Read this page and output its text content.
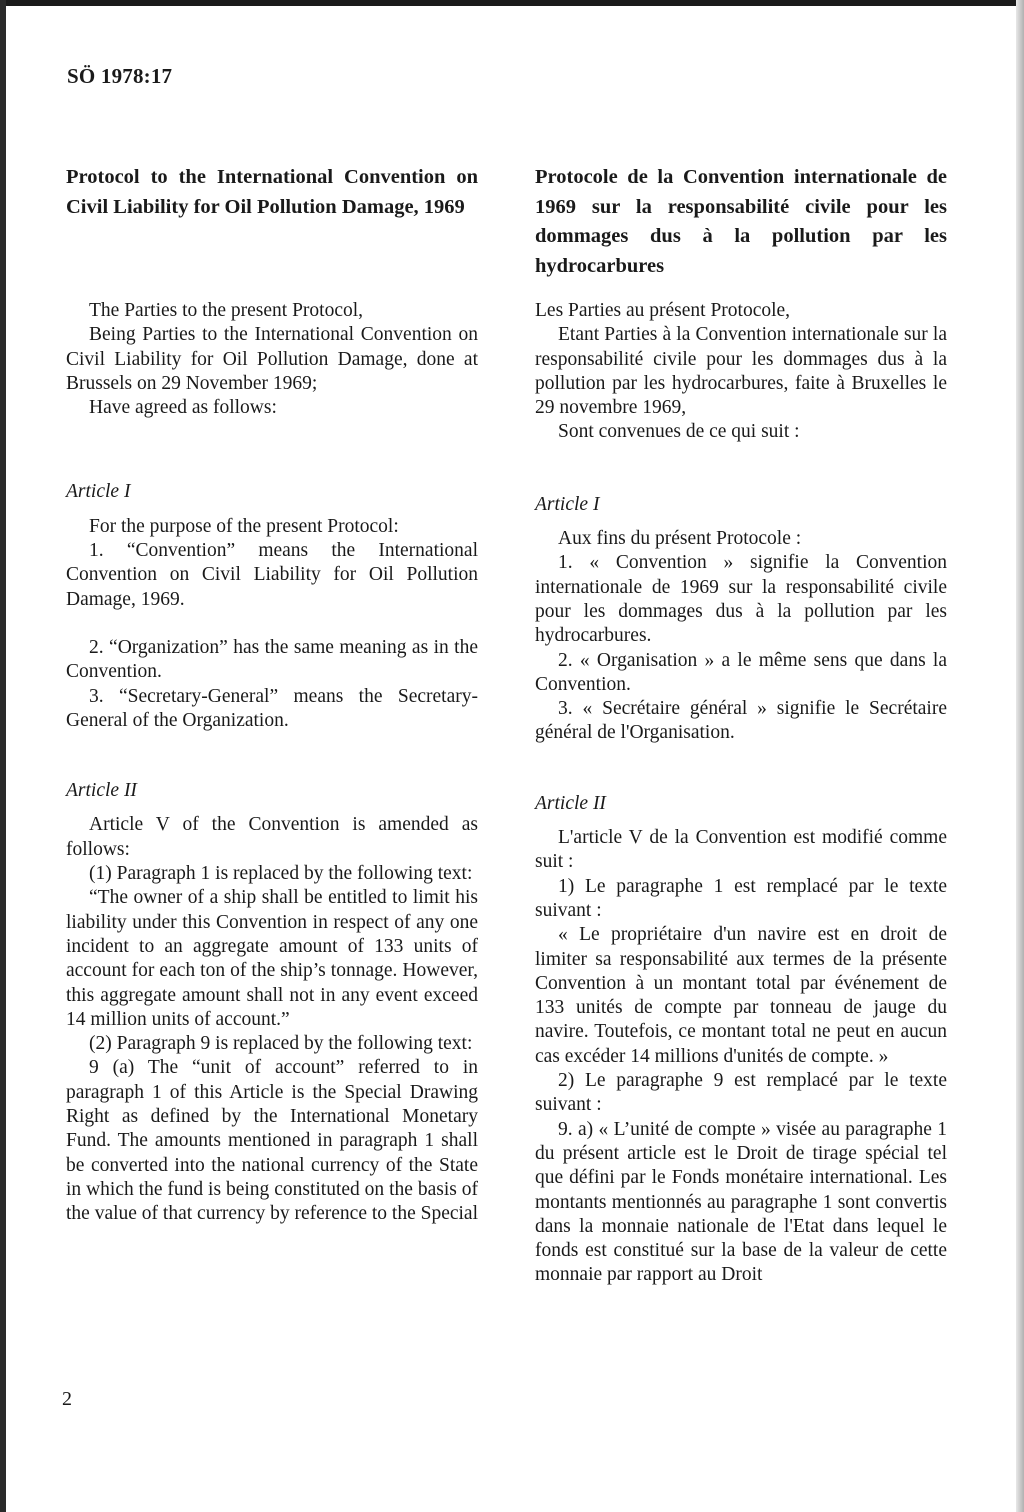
SÖ 1978:17
Protocol to the International Convention on Civil Liability for Oil Pollution Damage, 1969

The Parties to the present Protocol,

Being Parties to the International Convention on Civil Liability for Oil Pollution Damage, done at Brussels on 29 November 1969;

Have agreed as follows:

Article I

For the purpose of the present Protocol:

1. “Convention” means the International Convention on Civil Liability for Oil Pollution Damage, 1969.

2. “Organization” has the same meaning as in the Convention.

3. “Secretary-General” means the Secretary-General of the Organization.

Article II

Article V of the Convention is amended as follows:

(1) Paragraph 1 is replaced by the following text:

“The owner of a ship shall be entitled to limit his liability under this Convention in respect of any one incident to an aggregate amount of 133 units of account for each ton of the ship’s tonnage. However, this aggregate amount shall not in any event exceed 14 million units of account.”

(2) Paragraph 9 is replaced by the following text:

9 (a) The “unit of account” referred to in paragraph 1 of this Article is the Special Drawing Right as defined by the International Monetary Fund. The amounts mentioned in paragraph 1 shall be converted into the national currency of the State in which the fund is being constituted on the basis of the value of that currency by reference to the Special

Protocole de la Convention internationale de 1969 sur la responsabilité civile pour les dommages dus à la pollution par les hydrocarbures

Les Parties au présent Protocole,

Etant Parties à la Convention internationale sur la responsabilité civile pour les dommages dus à la pollution par les hydrocarbures, faite à Bruxelles le 29 novembre 1969,

Sont convenues de ce qui suit :

Article I

Aux fins du présent Protocole :

1. « Convention » signifie la Convention internationale de 1969 sur la responsabilité civile pour les dommages dus à la pollution par les hydrocarbures.

2. « Organisation » a le même sens que dans la Convention.

3. « Secrétaire général » signifie le Secrétaire général de l'Organisation.

Article II

L'article V de la Convention est modifié comme suit :

1) Le paragraphe 1 est remplacé par le texte suivant :

« Le propriétaire d'un navire est en droit de limiter sa responsabilité aux termes de la présente Convention à un montant total par événement de 133 unités de compte par tonneau de jauge du navire. Toutefois, ce montant total ne peut en aucun cas excéder 14 millions d'unités de compte. »

2) Le paragraphe 9 est remplacé par le texte suivant :

9. a) « L’unité de compte » visée au paragraphe 1 du présent article est le Droit de tirage spécial tel que défini par le Fonds monétaire international. Les montants mentionnés au paragraphe 1 sont convertis dans la monnaie nationale de l'Etat dans lequel le fonds est constitué sur la base de la valeur de cette monnaie par rapport au Droit

2
